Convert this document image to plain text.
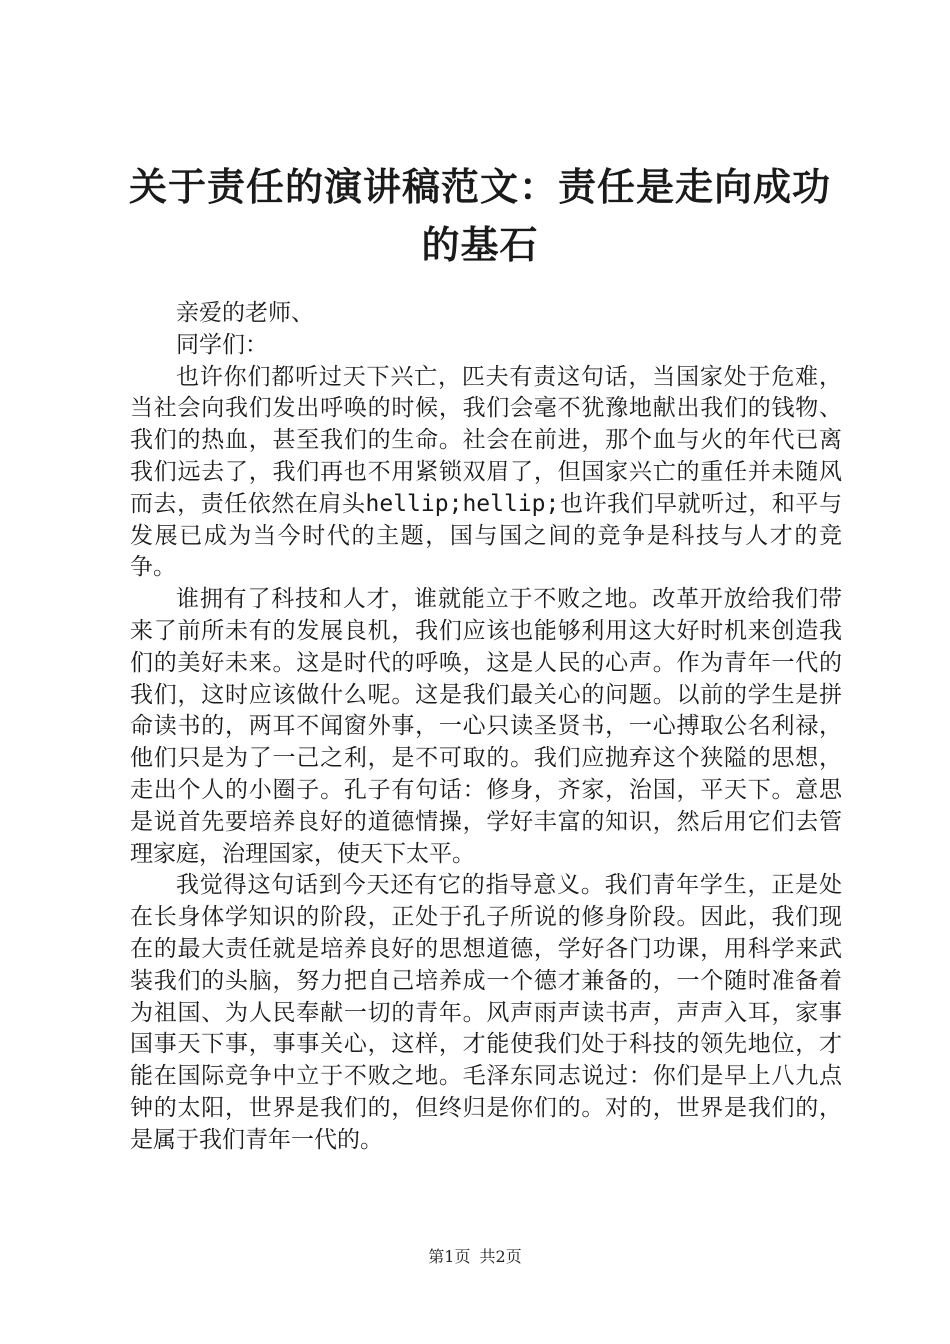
关于责任的演讲稿范文：责任是走向成功的基石

亲爱的老师、

同学们：

也许你们都听过天下兴亡，匹夫有责这句话，当国家处于危难，当社会向我们发出呼唤的时候，我们会毫不犹豫地献出我们的钱物、我们的热血，甚至我们的生命。社会在前进，那个血与火的年代已离我们远去了，我们再也不用紧锁双眉了，但国家兴亡的重任并未随风而去，责任依然在肩头hellip;hellip;也许我们早就听过，和平与发展已成为当今时代的主题，国与国之间的竞争是科技与人才的竞争。

谁拥有了科技和人才，谁就能立于不败之地。改革开放给我们带来了前所未有的发展良机，我们应该也能够利用这大好时机来创造我们的美好未来。这是时代的呼唤，这是人民的心声。作为青年一代的我们，这时应该做什么呢。这是我们最关心的问题。以前的学生是拼命读书的，两耳不闻窗外事，一心只读圣贤书，一心搏取公名利禄，他们只是为了一己之利，是不可取的。我们应抛弃这个狭隘的思想，走出个人的小圈子。孔子有句话：修身，齐家，治国，平天下。意思是说首先要培养良好的道德情操，学好丰富的知识，然后用它们去管理家庭，治理国家，使天下太平。

我觉得这句话到今天还有它的指导意义。我们青年学生，正是处在长身体学知识的阶段，正处于孔子所说的修身阶段。因此，我们现在的最大责任就是培养良好的思想道德，学好各门功课，用科学来武装我们的头脑，努力把自己培养成一个德才兼备的，一个随时准备着为祖国、为人民奉献一切的青年。风声雨声读书声，声声入耳，家事国事天下事，事事关心，这样，才能使我们处于科技的领先地位，才能在国际竞争中立于不败之地。毛泽东同志说过：你们是早上八九点钟的太阳，世界是我们的，但终归是你们的。对的，世界是我们的，是属于我们青年一代的。

第1页 共2页
